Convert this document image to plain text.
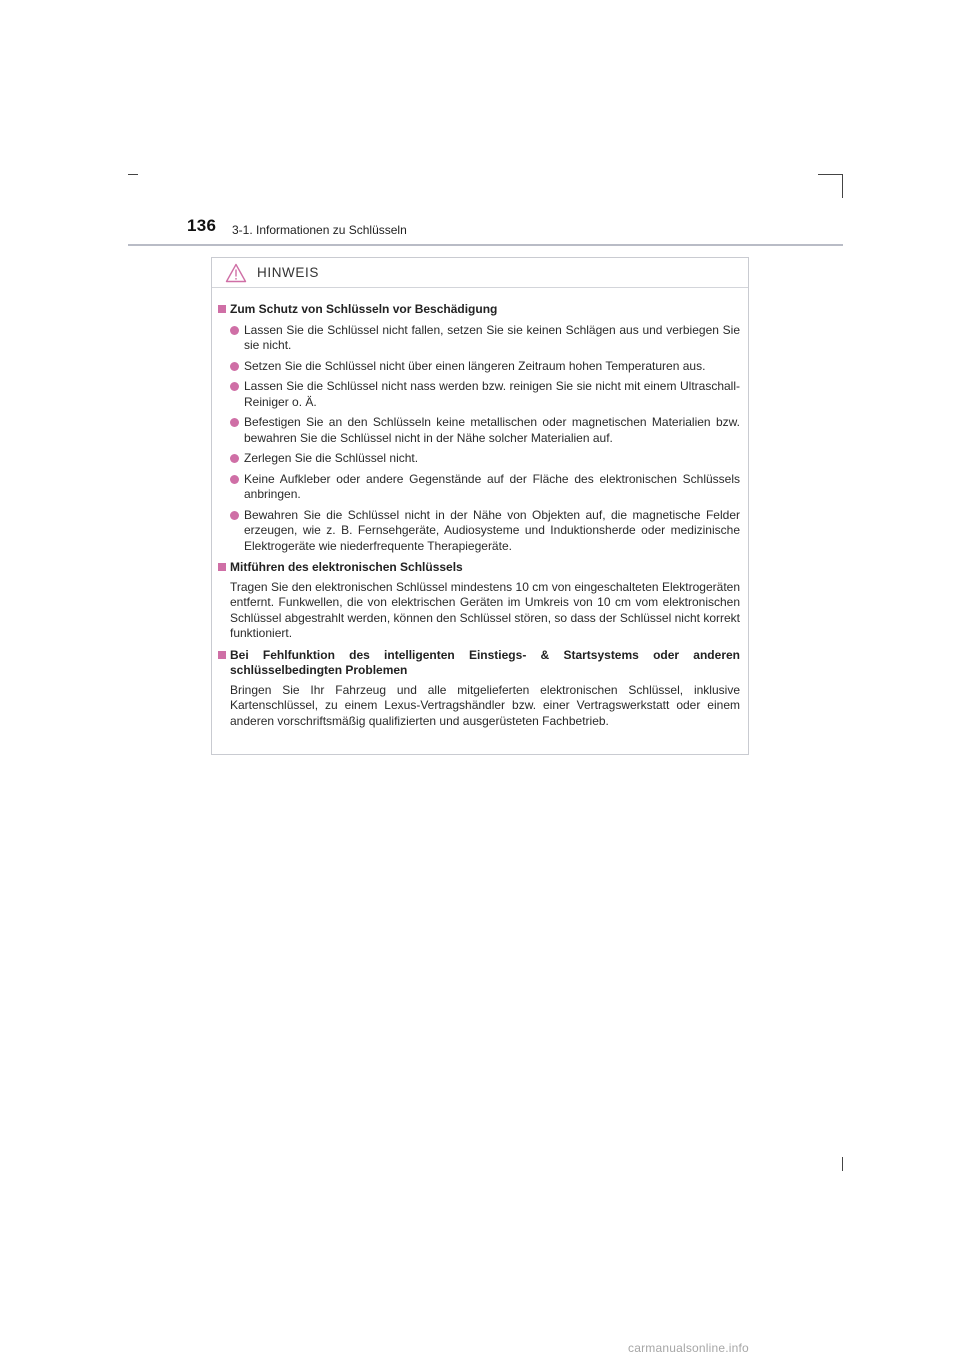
136 3-1. Informationen zu Schlüsseln
HINWEIS
Zum Schutz von Schlüsseln vor Beschädigung
Lassen Sie die Schlüssel nicht fallen, setzen Sie sie keinen Schlägen aus und verbiegen Sie sie nicht.
Setzen Sie die Schlüssel nicht über einen längeren Zeitraum hohen Temperaturen aus.
Lassen Sie die Schlüssel nicht nass werden bzw. reinigen Sie sie nicht mit einem Ultraschall-Reiniger o. Ä.
Befestigen Sie an den Schlüsseln keine metallischen oder magnetischen Materialien bzw. bewahren Sie die Schlüssel nicht in der Nähe solcher Materialien auf.
Zerlegen Sie die Schlüssel nicht.
Keine Aufkleber oder andere Gegenstände auf der Fläche des elektronischen Schlüssels anbringen.
Bewahren Sie die Schlüssel nicht in der Nähe von Objekten auf, die magnetische Felder erzeugen, wie z. B. Fernsehgeräte, Audiosysteme und Induktionsherde oder medizinische Elektrogeräte wie niederfrequente Therapiegeräte.
Mitführen des elektronischen Schlüssels
Tragen Sie den elektronischen Schlüssel mindestens 10 cm von eingeschalteten Elektrogeräten entfernt. Funkwellen, die von elektrischen Geräten im Umkreis von 10 cm vom elektronischen Schlüssel abgestrahlt werden, können den Schlüssel stören, so dass der Schlüssel nicht korrekt funktioniert.
Bei Fehlfunktion des intelligenten Einstiegs- & Startsystems oder anderen schlüsselbedingten Problemen
Bringen Sie Ihr Fahrzeug und alle mitgelieferten elektronischen Schlüssel, inklusive Kartenschlüssel, zu einem Lexus-Vertragshändler bzw. einer Vertragswerkstatt oder einem anderen vorschriftsmäßig qualifizierten und ausgerüsteten Fachbetrieb.
carmanualsonline.info
